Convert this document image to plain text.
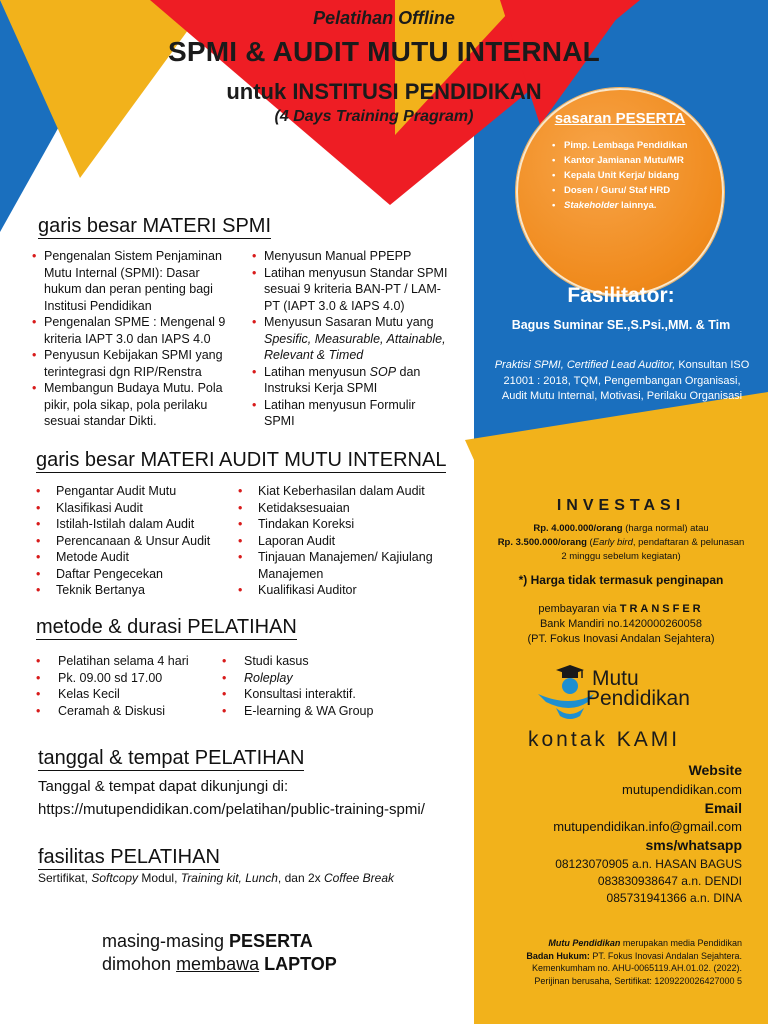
Pelatihan Offline
SPMI & AUDIT MUTU INTERNAL
untuk INSTITUSI PENDIDIKAN
(4 Days Training Pragram)	sasaran PESERTA
• Pimp. Lembaga Pendidikan
• Kantor Jamianan Mutu/MR
• Kepala Unit Kerja/ bidang
• Dosen / Guru/ Staf HRD
• Stakeholder lainnya.
Fasilitator:
Bagus Suminar SE.,S.Psi.,MM. & Tim
Praktisi SPMI, Certified Lead Auditor, Konsultan ISO 21001 : 2018, TQM, Pengembangan Organisasi, Audit Mutu Internal, Motivasi, Perilaku Organisasi
garis besar MATERI SPMI
• Pengenalan Sistem Penjaminan Mutu Internal (SPMI): Dasar hukum dan peran penting bagi Institusi Pendidikan
• Pengenalan SPME : Mengenal 9 kriteria IAPT 3.0 dan IAPS 4.0
• Penyusun Kebijakan SPMI yang terintegrasi dgn RIP/Renstra
• Membangun Budaya Mutu. Pola pikir, pola sikap, pola perilaku sesuai standar Dikti.
• Menyusun Manual PPEPP
• Latihan menyusun Standar SPMI sesuai 9 kriteria BAN-PT / LAM-PT (IAPT 3.0 & IAPS 4.0)
• Menyusun Sasaran Mutu yang Spesific, Measurable, Attainable, Relevant & Timed
• Latihan menyusun SOP dan Instruksi Kerja SPMI
• Latihan menyusun Formulir SPMI
garis besar MATERI AUDIT MUTU INTERNAL
• Pengantar Audit Mutu
• Klasifikasi Audit
• Istilah-Istilah dalam Audit
• Perencanaan & Unsur Audit
• Metode Audit
• Daftar Pengecekan
• Teknik Bertanya
• Kiat Keberhasilan dalam Audit
• Ketidaksesuaian
• Tindakan Koreksi
• Laporan Audit
• Tinjauan Manajemen/ Kajiulang Manajemen
• Kualifikasi Auditor
metode & durasi PELATIHAN
• Pelatihan selama 4 hari
• Pk. 09.00 sd 17.00
• Kelas Kecil
• Ceramah & Diskusi
• Studi kasus
• Roleplay
• Konsultasi interaktif.
• E-learning & WA Group
tanggal & tempat PELATIHAN
Tanggal & tempat dapat dikunjungi di:
https://mutupendidikan.com/pelatihan/public-training-spmi/
fasilitas PELATIHAN
Sertifikat, Softcopy Modul, Training kit, Lunch, dan 2x Coffee Break
masing-masing PESERTA
dimohon membawa LAPTOP
INVESTASI
Rp. 4.000.000/orang (harga normal) atau
Rp. 3.500.000/orang (Early bird, pendaftaran & pelunasan 2 minggu sebelum kegiatan)
*) Harga tidak termasuk penginapan
pembayaran via TRANSFER
Bank Mandiri no.1420000260058
(PT. Fokus Inovasi Andalan Sejahtera)
Mutu
Pendidikan
kontak KAMI
Website
mutupendidikan.com
Email
mutupendidikan.info@gmail.com
sms/whatsapp
08123070905 a.n. HASAN BAGUS
083830938647 a.n. DENDI
085731941366 a.n. DINA
Mutu Pendidikan merupakan media Pendidikan
Badan Hukum: PT. Fokus Inovasi Andalan Sejahtera.
Kemenkumham no. AHU-0065119.AH.01.02. (2022).
Perijinan berusaha, Sertifikat: 1209220026427000 5
